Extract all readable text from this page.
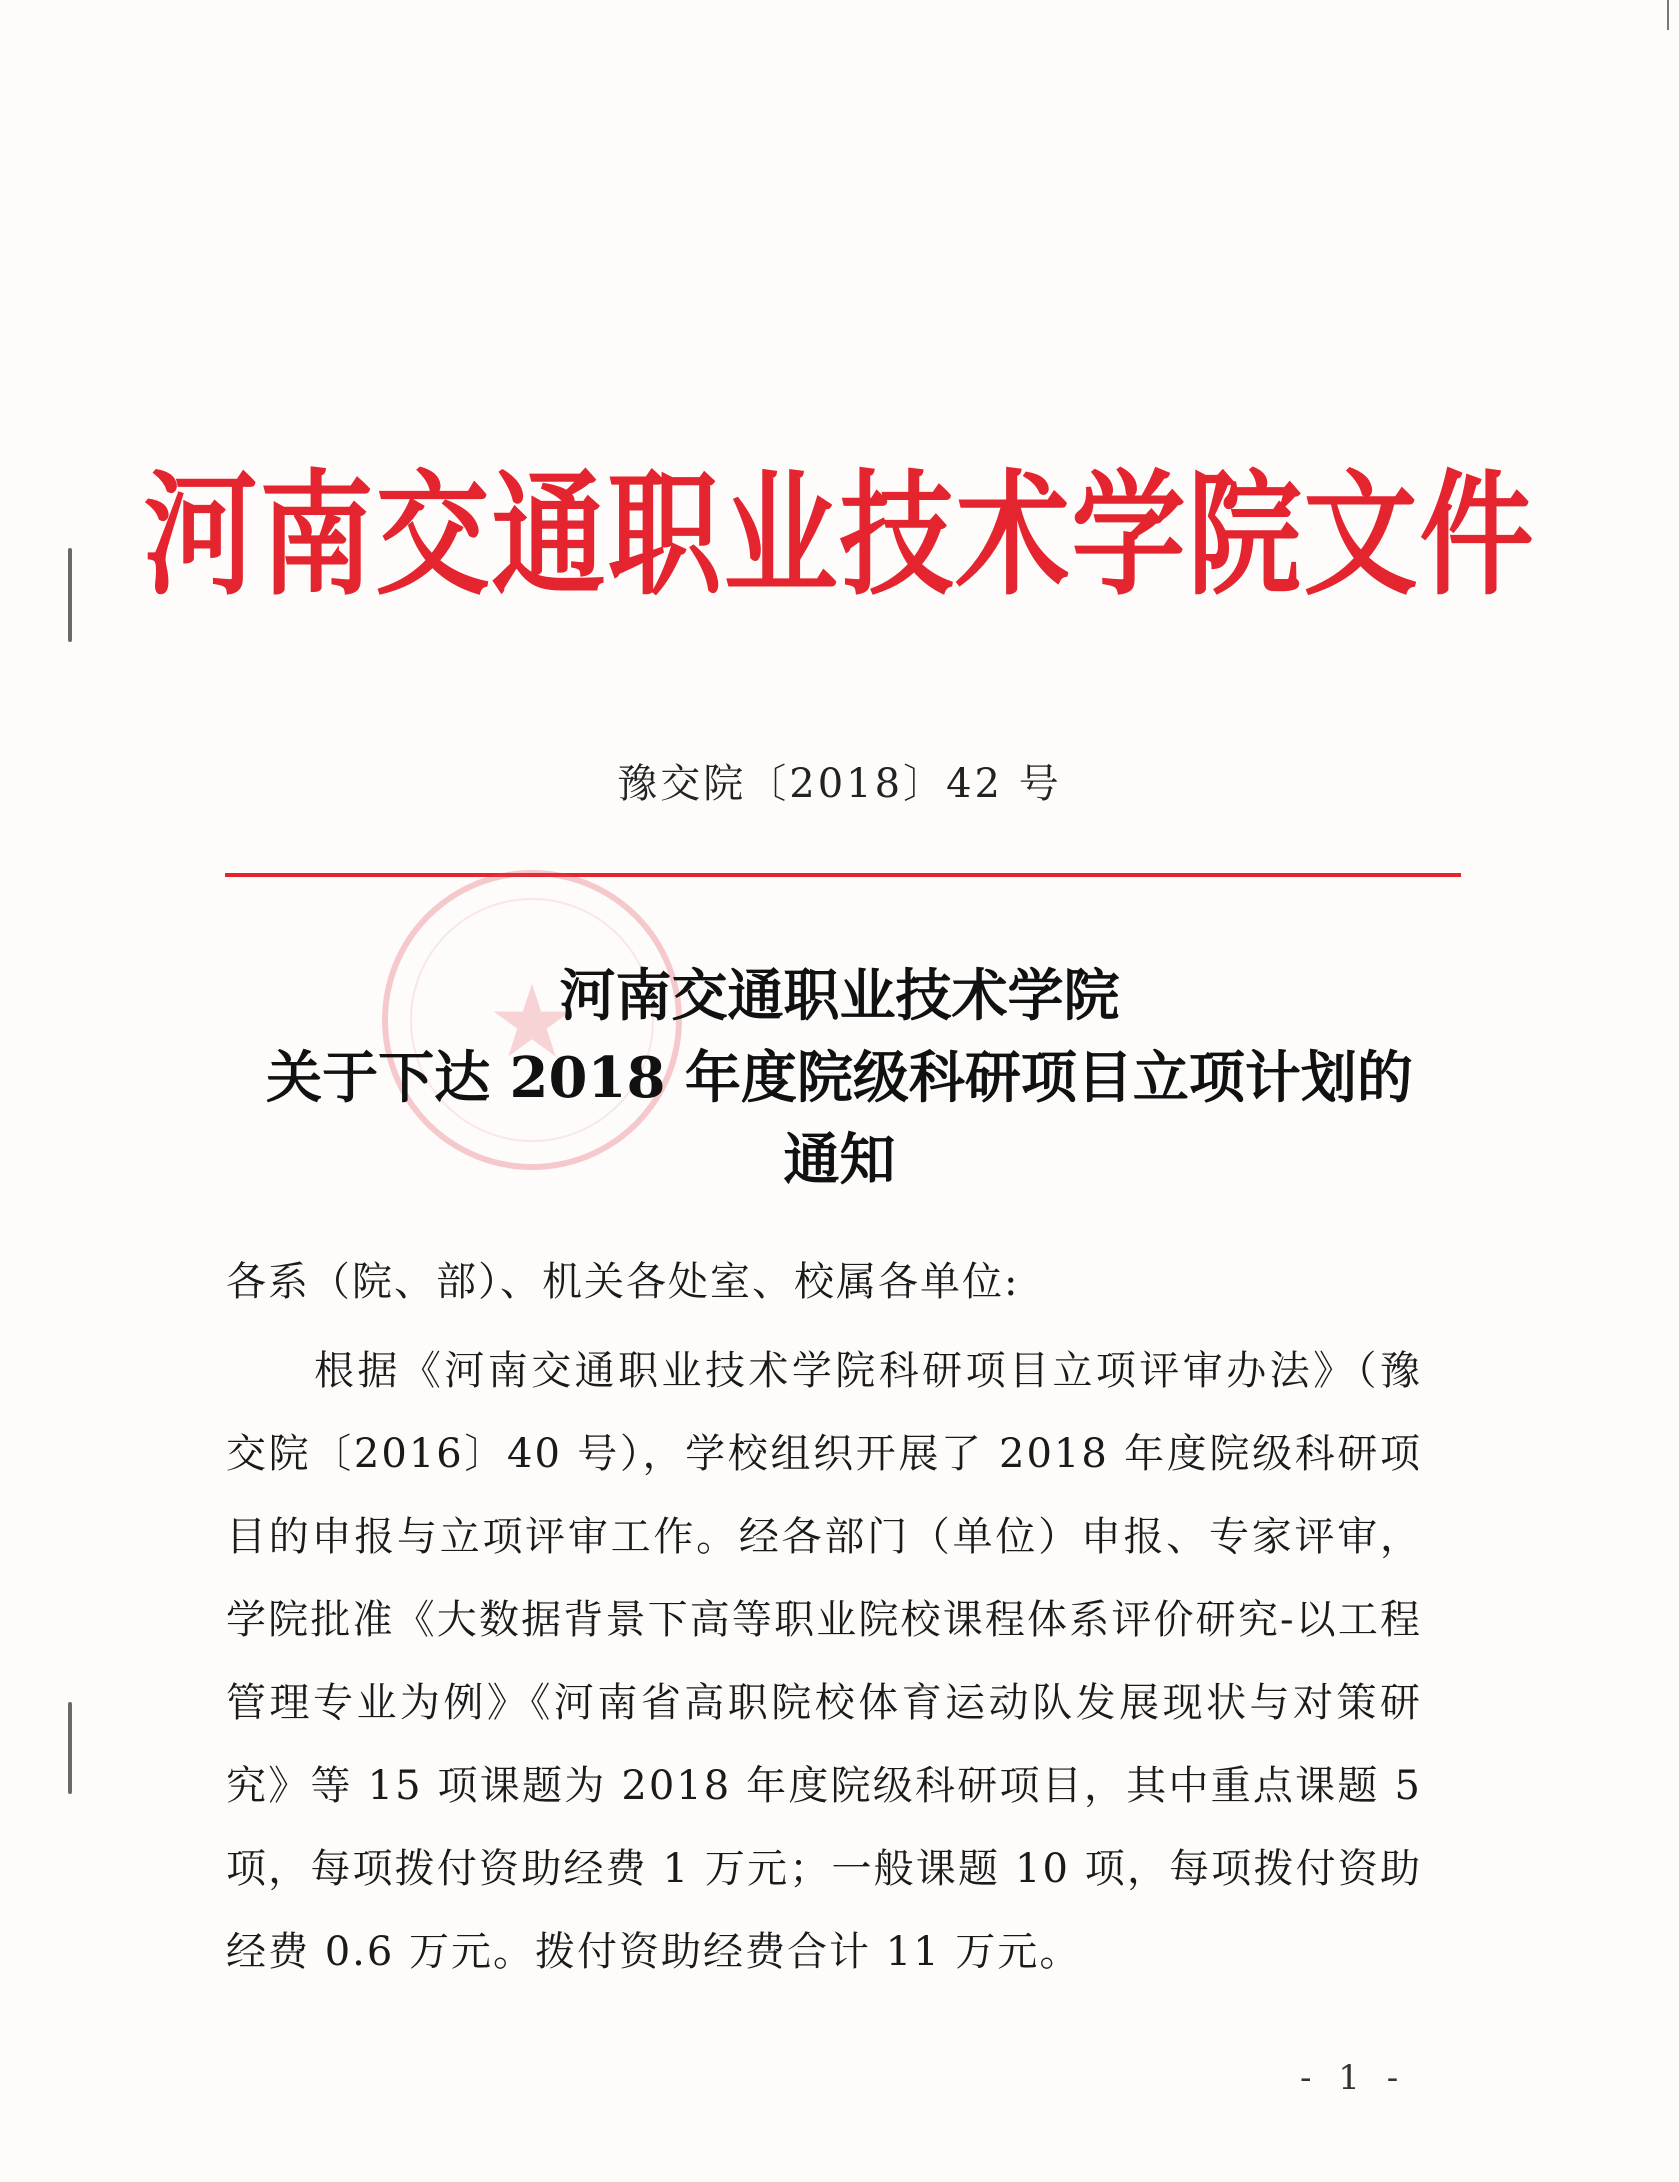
河南交通职业技术学院文件
豫交院〔2018〕42 号
★
河南交通职业技术学院
关于下达 2018 年度院级科研项目立项计划的
通知
各系（院、部）、机关各处室、校属各单位:
根据《河南交通职业技术学院科研项目立项评审办法》（豫交院〔2016〕40 号），学校组织开展了 2018 年度院级科研项目的申报与立项评审工作。经各部门（单位）申报、专家评审，学院批准《大数据背景下高等职业院校课程体系评价研究-以工程管理专业为例》《河南省高职院校体育运动队发展现状与对策研究》等 15 项课题为 2018 年度院级科研项目，其中重点课题 5 项，每项拨付资助经费 1 万元；一般课题 10 项，每项拨付资助经费 0.6 万元。拨付资助经费合计 11 万元。
- 1 -
